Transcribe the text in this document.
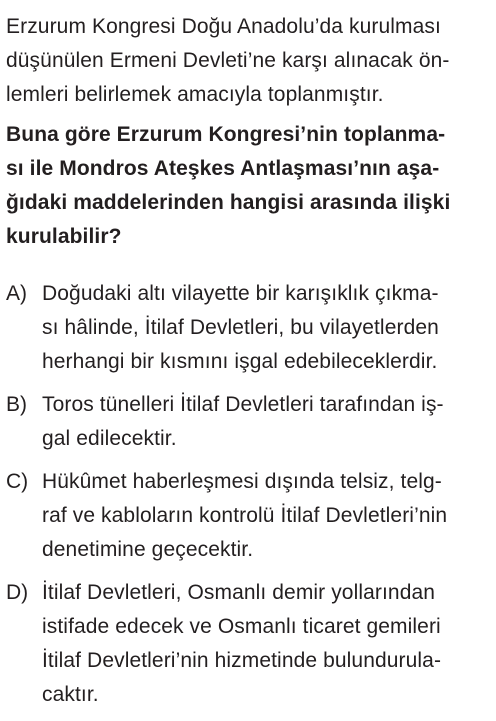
Erzurum Kongresi Doğu Anadolu’da kurulması
düşünülen Ermeni Devleti’ne karşı alınacak ön-
lemleri belirlemek amacıyla toplanmıştır.

Buna göre Erzurum Kongresi’nin toplanma-
sı ile Mondros Ateşkes Antlaşması’nın aşa-
ğıdaki maddelerinden hangisi arasında ilişki
kurulabilir?

A) Doğudaki altı vilayette bir karışıklık çıkma-
sı hâlinde, İtilaf Devletleri, bu vilayetlerden
herhangi bir kısmını işgal edebileceklerdir.
B) Toros tünelleri İtilaf Devletleri tarafından iş-
gal edilecektir.
C) Hükûmet haberleşmesi dışında telsiz, telg-
raf ve kabloların kontrolü İtilaf Devletleri’nin
denetimine geçecektir.
D) İtilaf Devletleri, Osmanlı demir yollarından
istifade edecek ve Osmanlı ticaret gemileri
İtilaf Devletleri’nin hizmetinde bulundurula-
caktır.
